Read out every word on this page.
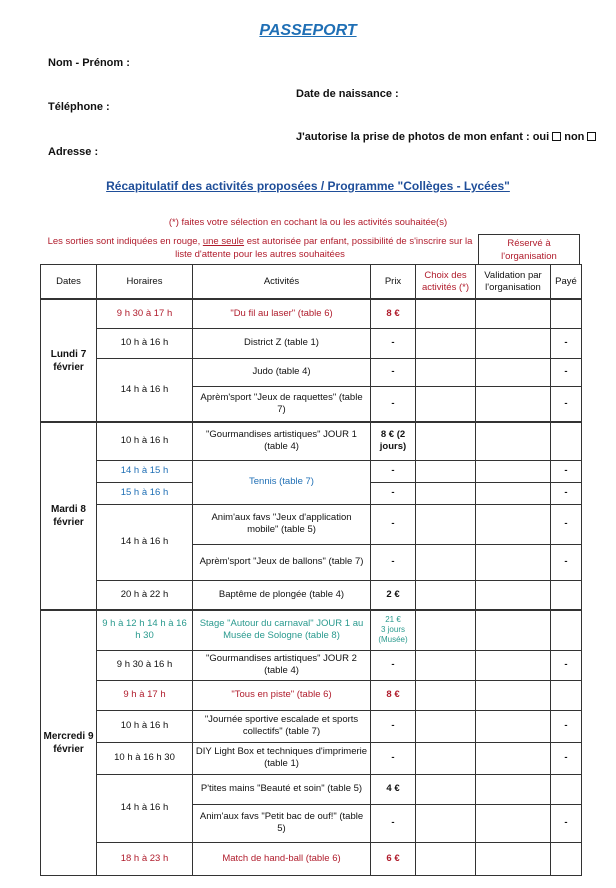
PASSEPORT
Nom - Prénom :
Date de naissance :
Téléphone :
J'autorise la prise de photos de mon enfant : oui non
Adresse :
Récapitulatif des activités proposées / Programme "Collèges - Lycées"
(*) faites votre sélection en cochant la ou les activités souhaitée(s)
Les sorties sont indiquées en rouge, une seule est autorisée par enfant, possibilité de s'inscrire sur la liste d'attente pour les autres souhaitées
Réservé à l'organisation
Dates	Horaires	Activités	Prix	Choix des activités (*)	Validation par l'organisation	Payé
Lundi 7 février	9 h 30 à 17 h	"Du fil au laser" (table 6)	8 €			
	10 h à 16 h	District Z (table 1)	-			-
	14 h à 16 h	Judo (table 4)	-			-
		Aprèm'sport "Jeux de raquettes" (table 7)	-			-
Mardi 8 février	10 h à 16 h	"Gourmandises artistiques" JOUR 1 (table 4)	8 € (2 jours)			
	14 h à 15 h	Tennis (table 7)	-			-
	15 h à 16 h		-			-
	14 h à 16 h	Anim'aux favs "Jeux d'application mobile" (table 5)	-			-
		Aprèm'sport "Jeux de ballons" (table 7)	-			-
	20 h à 22 h	Baptême de plongée (table 4)	2 €			
Mercredi 9 février	9 h à 12 h 14 h à 16 h 30	Stage "Autour du carnaval" JOUR 1 au Musée de Sologne (table 8)	21 €
3 jours (Musée)			

	9 h 30 à 16 h	"Gourmandises artistiques" JOUR 2 (table 4)	-			-
	9 h à 17 h	"Tous en piste" (table 6)	8 €			
	10 h à 16 h	"Journée sportive escalade et sports collectifs" (table 7)	-			-
	10 h à 16 h 30	DIY Light Box et techniques d'imprimerie (table 1)	-			-
	14 h à 16 h	P'tites mains "Beauté et soin" (table 5)	4 €			
		Anim'aux favs "Petit bac de ouf!" (table 5)	-			-
	18 h à 23 h	Match de hand-ball (table 6)	6 €			
